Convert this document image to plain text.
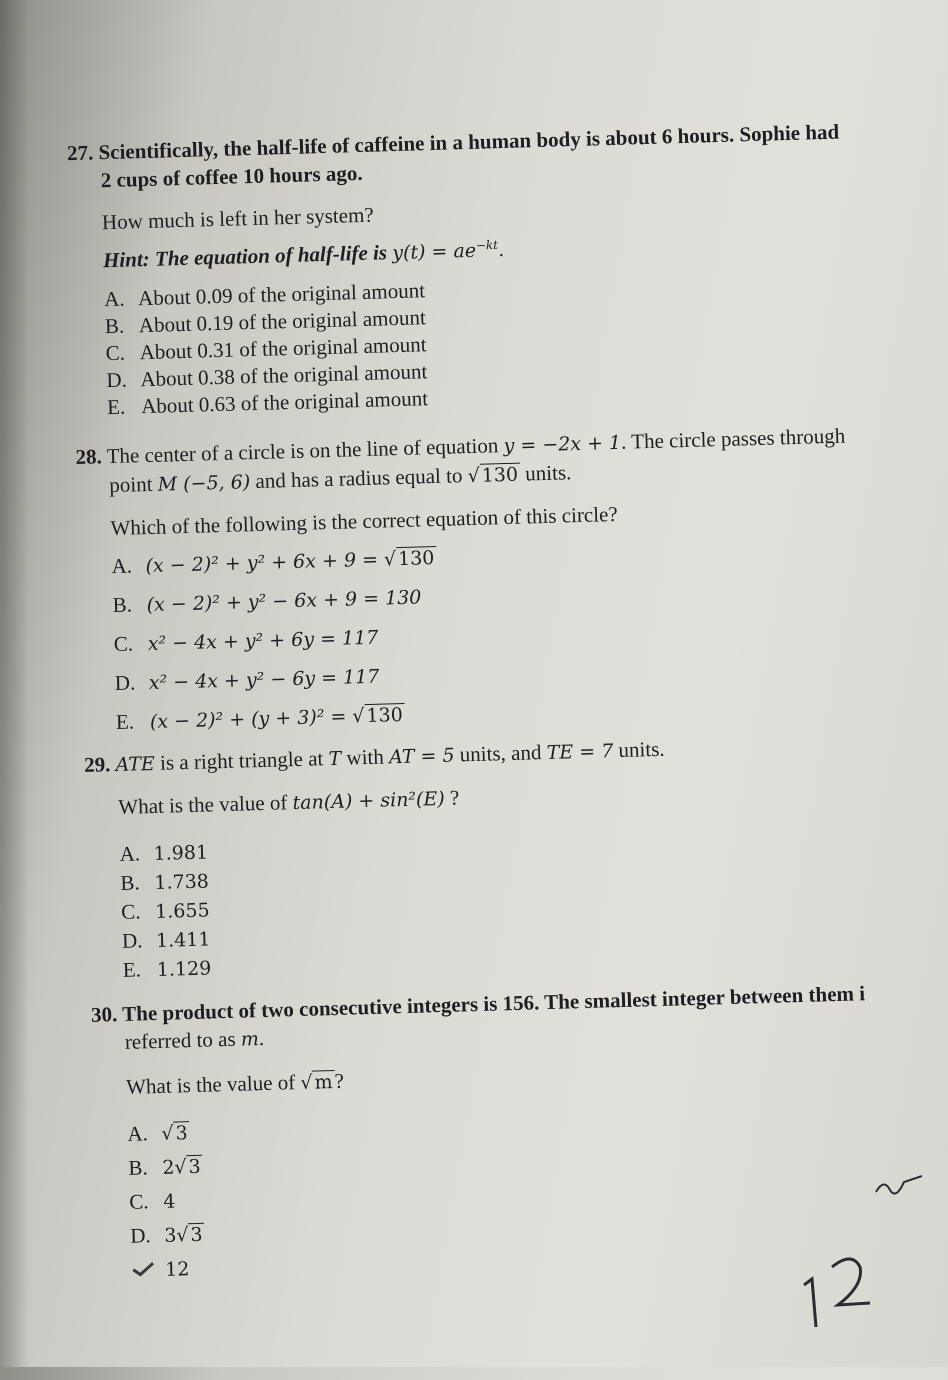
27. Scientifically, the half-life of caffeine in a human body is about 6 hours. Sophie had

2 cups of coffee 10 hours ago.

How much is left in her system?

Hint: The equation of half-life is $y(t) = ae^{-kt}$.

A. About 0.09 of the original amount
B. About 0.19 of the original amount
C. About 0.31 of the original amount
D. About 0.38 of the original amount
E. About 0.63 of the original amount

28. The center of a circle is on the line of equation y = −2x + 1. The circle passes through

point M (−5, 6) and has a radius equal to √130 units.

Which of the following is the correct equation of this circle?

A. (x − 2)² + y² + 6x + 9 = √130
B. (x − 2)² + y² − 6x + 9 = 130
C. x² − 4x + y² + 6y = 117
D. x² − 4x + y² − 6y = 117
E. (x − 2)² + (y + 3)² = √130

29. ATE is a right triangle at T with AT = 5 units, and TE = 7 units.

What is the value of tan(A) + sin²(E) ?

A. 1.981
B. 1.738
C. 1.655
D. 1.411
E. 1.129

30. The product of two consecutive integers is 156. The smallest integer between them i

referred to as m.

What is the value of √m?

A. √3
B. 2√3
C. 4
D. 3√3
12
